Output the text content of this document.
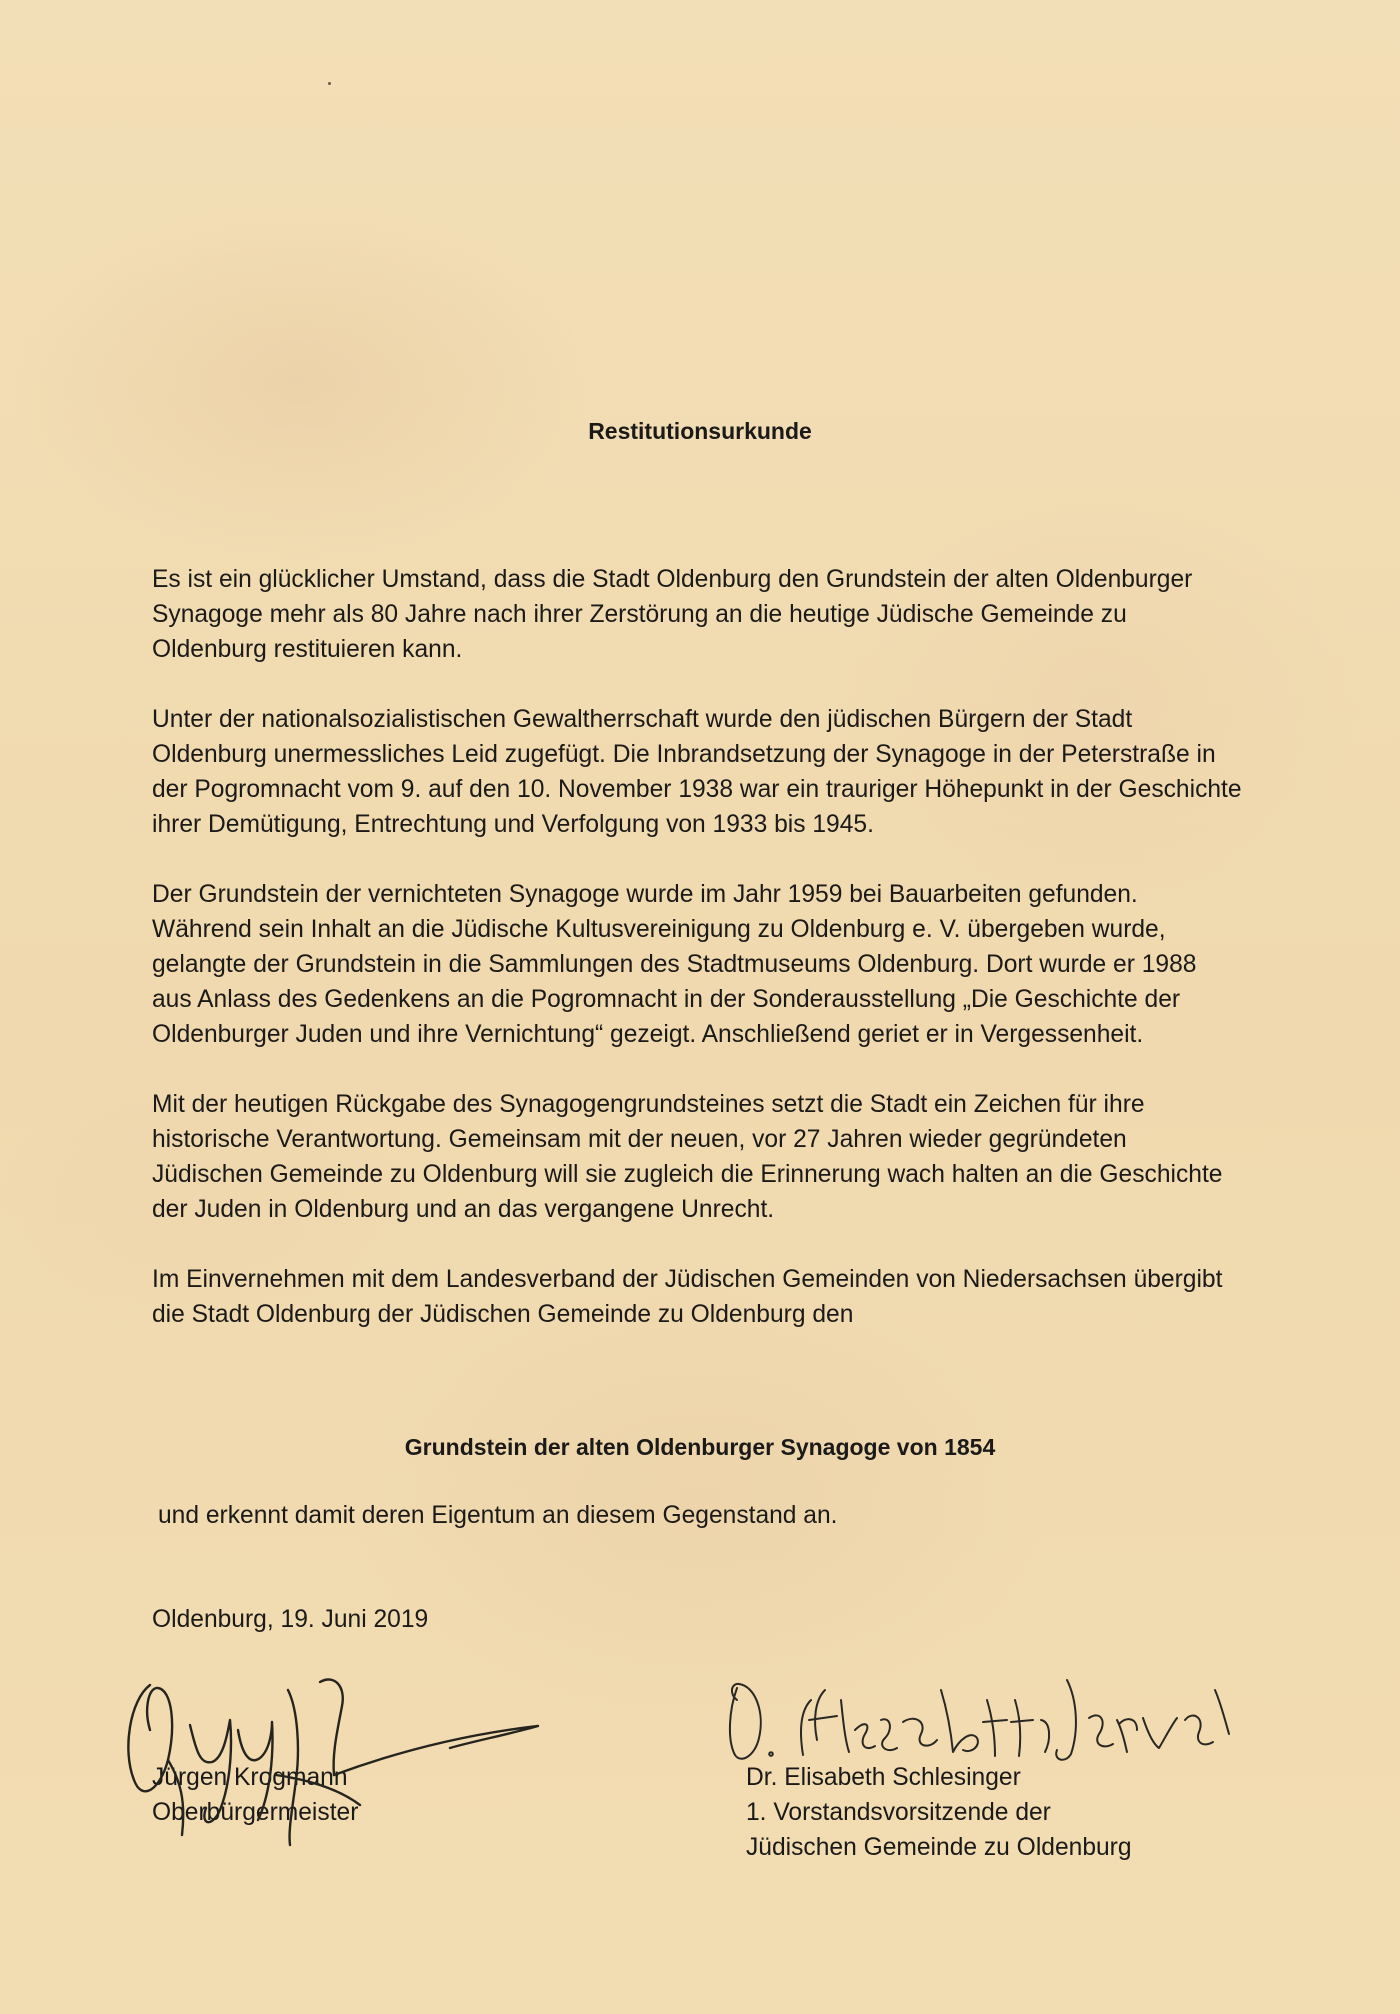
Restitutionsurkunde

Es ist ein glücklicher Umstand, dass die Stadt Oldenburg den Grundstein der alten Oldenburger Synagoge mehr als 80 Jahre nach ihrer Zerstörung an die heutige Jüdische Gemeinde zu Oldenburg restituieren kann.

Unter der nationalsozialistischen Gewaltherrschaft wurde den jüdischen Bürgern der Stadt Oldenburg unermessliches Leid zugefügt. Die Inbrandsetzung der Synagoge in der Peterstraße in der Pogromnacht vom 9. auf den 10. November 1938 war ein trauriger Höhepunkt in der Geschichte ihrer Demütigung, Entrechtung und Verfolgung von 1933 bis 1945.

Der Grundstein der vernichteten Synagoge wurde im Jahr 1959 bei Bauarbeiten gefunden. Während sein Inhalt an die Jüdische Kultusvereinigung zu Oldenburg e. V. übergeben wurde, gelangte der Grundstein in die Sammlungen des Stadtmuseums Oldenburg. Dort wurde er 1988 aus Anlass des Gedenkens an die Pogromnacht in der Sonderausstellung „Die Geschichte der Oldenburger Juden und ihre Vernichtung“ gezeigt. Anschließend geriet er in Vergessenheit.

Mit der heutigen Rückgabe des Synagogengrundsteines setzt die Stadt ein Zeichen für ihre historische Verantwortung. Gemeinsam mit der neuen, vor 27 Jahren wieder gegründeten Jüdischen Gemeinde zu Oldenburg will sie zugleich die Erinnerung wach halten an die Geschichte der Juden in Oldenburg und an das vergangene Unrecht.

Im Einvernehmen mit dem Landesverband der Jüdischen Gemeinden von Niedersachsen übergibt die Stadt Oldenburg der Jüdischen Gemeinde zu Oldenburg den

Grundstein der alten Oldenburger Synagoge von 1854

und erkennt damit deren Eigentum an diesem Gegenstand an.

Oldenburg, 19. Juni 2019

Jürgen Krogmann
Oberbürgermeister
Dr. Elisabeth Schlesinger
1. Vorstandsvorsitzende der
Jüdischen Gemeinde zu Oldenburg
